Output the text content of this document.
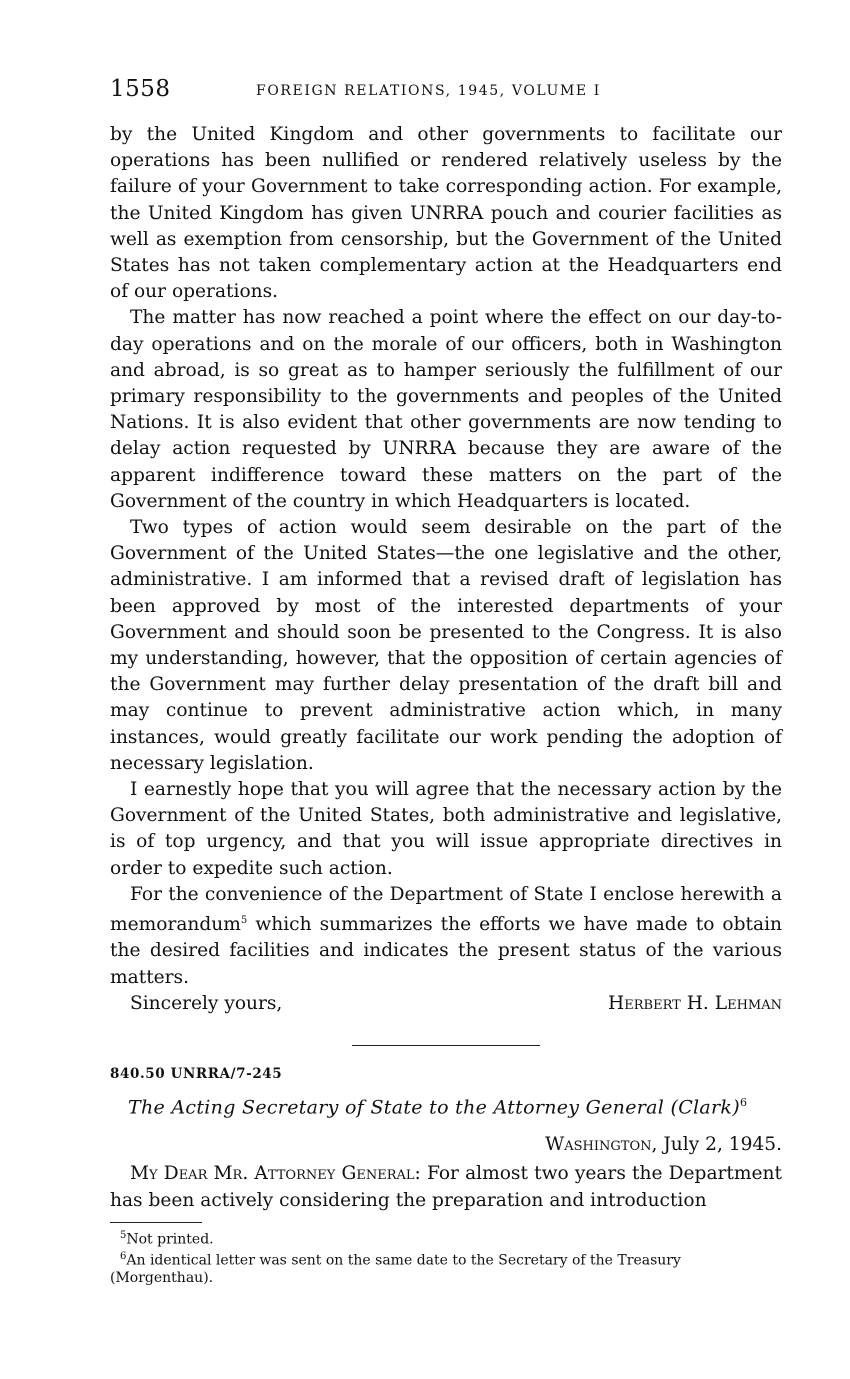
1558	FOREIGN RELATIONS, 1945, VOLUME I

by the United Kingdom and other governments to facilitate our operations has been nullified or rendered relatively useless by the failure of your Government to take corresponding action. For example, the United Kingdom has given UNRRA pouch and courier facilities as well as exemption from censorship, but the Government of the United States has not taken complementary action at the Headquarters end of our operations.

The matter has now reached a point where the effect on our day-to-day operations and on the morale of our officers, both in Washington and abroad, is so great as to hamper seriously the fulfillment of our primary responsibility to the governments and peoples of the United Nations. It is also evident that other governments are now tending to delay action requested by UNRRA because they are aware of the apparent indifference toward these matters on the part of the Government of the country in which Headquarters is located.

Two types of action would seem desirable on the part of the Government of the United States—the one legislative and the other, administrative. I am informed that a revised draft of legislation has been approved by most of the interested departments of your Government and should soon be presented to the Congress. It is also my understanding, however, that the opposition of certain agencies of the Government may further delay presentation of the draft bill and may continue to prevent administrative action which, in many instances, would greatly facilitate our work pending the adoption of necessary legislation.

I earnestly hope that you will agree that the necessary action by the Government of the United States, both administrative and legislative, is of top urgency, and that you will issue appropriate directives in order to expedite such action.

For the convenience of the Department of State I enclose herewith a memorandum$^5$ which summarizes the efforts we have made to obtain the desired facilities and indicates the present status of the various matters.

Sincerely yours,	Herbert H. Lehman
840.50 UNRRA/7-245
The Acting Secretary of State to the Attorney General (Clark)$^6$
Washington, July 2, 1945.

My Dear Mr. Attorney General: For almost two years the Department has been actively considering the preparation and introduction

$^5$Not printed.
$^6$An identical letter was sent on the same date to the Secretary of the Treasury (Morgenthau).
